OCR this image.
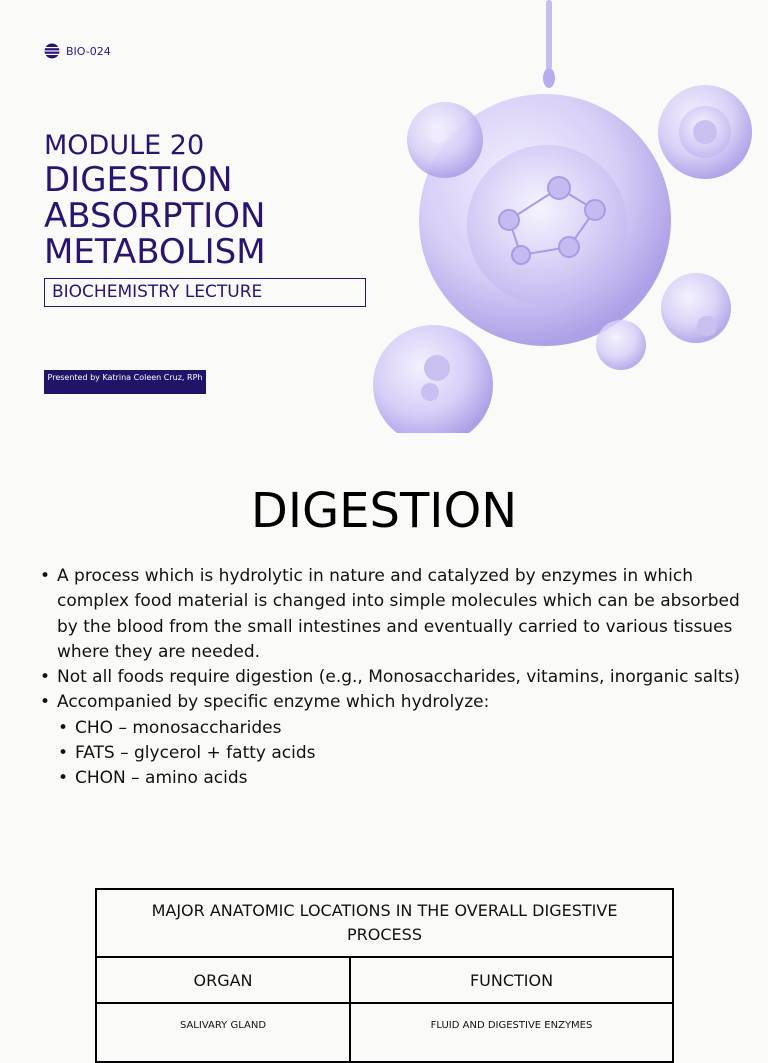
BIO-024
MODULE 20
DIGESTION
ABSORPTION
METABOLISM
BIOCHEMISTRY LECTURE
Presented by Katrina Coleen Cruz, RPh
DIGESTION
• A process which is hydrolytic in nature and catalyzed by enzymes in which complex food material is changed into simple molecules which can be absorbed by the blood from the small intestines and eventually carried to various tissues where they are needed.
• Not all foods require digestion (e.g., Monosaccharides, vitamins, inorganic salts)
• Accompanied by specific enzyme which hydrolyze:
• CHO – monosaccharides
• FATS – glycerol + fatty acids
• CHON – amino acids
MAJOR ANATOMIC LOCATIONS IN THE OVERALL DIGESTIVE PROCESS	
ORGAN	FUNCTION
SALIVARY GLAND	FLUID AND DIGESTIVE ENZYMES
